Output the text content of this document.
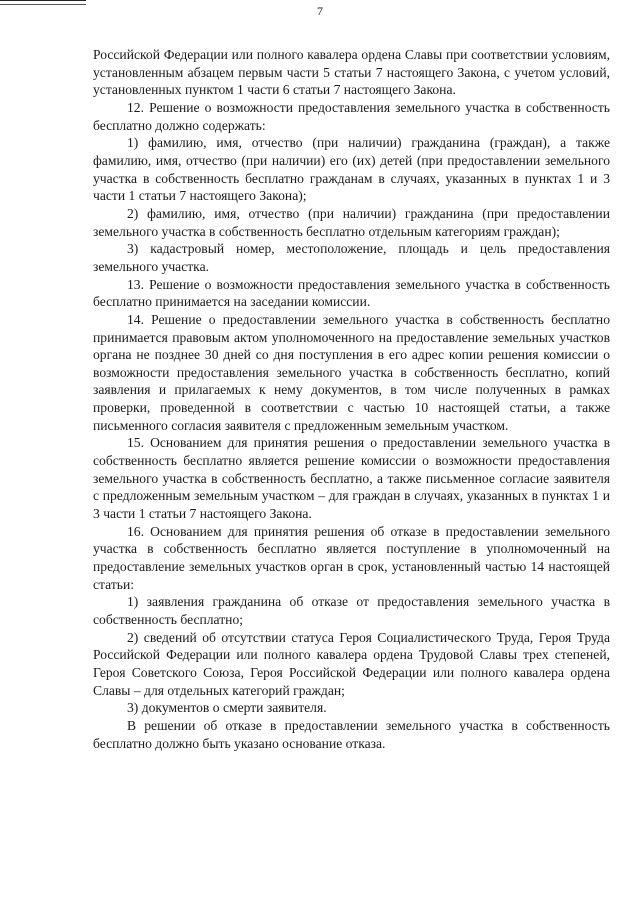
7

Российской Федерации или полного кавалера ордена Славы при соответствии условиям, установленным абзацем первым части 5 статьи 7 настоящего Закона, с учетом условий, установленных пунктом 1 части 6 статьи 7 настоящего Закона.

12. Решение о возможности предоставления земельного участка в собственность бесплатно должно содержать:

1) фамилию, имя, отчество (при наличии) гражданина (граждан), а также фамилию, имя, отчество (при наличии) его (их) детей (при предоставлении земельного участка в собственность бесплатно гражданам в случаях, указанных в пунктах 1 и 3 части 1 статьи 7 настоящего Закона);

2) фамилию, имя, отчество (при наличии) гражданина (при предоставлении земельного участка в собственность бесплатно отдельным категориям граждан);

3) кадастровый номер, местоположение, площадь и цель предоставления земельного участка.

13. Решение о возможности предоставления земельного участка в собственность бесплатно принимается на заседании комиссии.

14. Решение о предоставлении земельного участка в собственность бесплатно принимается правовым актом уполномоченного на предоставление земельных участков органа не позднее 30 дней со дня поступления в его адрес копии решения комиссии о возможности предоставления земельного участка в собственность бесплатно, копий заявления и прилагаемых к нему документов, в том числе полученных в рамках проверки, проведенной в соответствии с частью 10 настоящей статьи, а также письменного согласия заявителя с предложенным земельным участком.

15. Основанием для принятия решения о предоставлении земельного участка в собственность бесплатно является решение комиссии о возможности предоставления земельного участка в собственность бесплатно, а также письменное согласие заявителя с предложенным земельным участком – для граждан в случаях, указанных в пунктах 1 и 3 части 1 статьи 7 настоящего Закона.

16. Основанием для принятия решения об отказе в предоставлении земельного участка в собственность бесплатно является поступление в уполномоченный на предоставление земельных участков орган в срок, установленный частью 14 настоящей статьи:

1) заявления гражданина об отказе от предоставления земельного участка в собственность бесплатно;

2) сведений об отсутствии статуса Героя Социалистического Труда, Героя Труда Российской Федерации или полного кавалера ордена Трудовой Славы трех степеней, Героя Советского Союза, Героя Российской Федерации или полного кавалера ордена Славы – для отдельных категорий граждан;

3) документов о смерти заявителя.

В решении об отказе в предоставлении земельного участка в собственность бесплатно должно быть указано основание отказа.
